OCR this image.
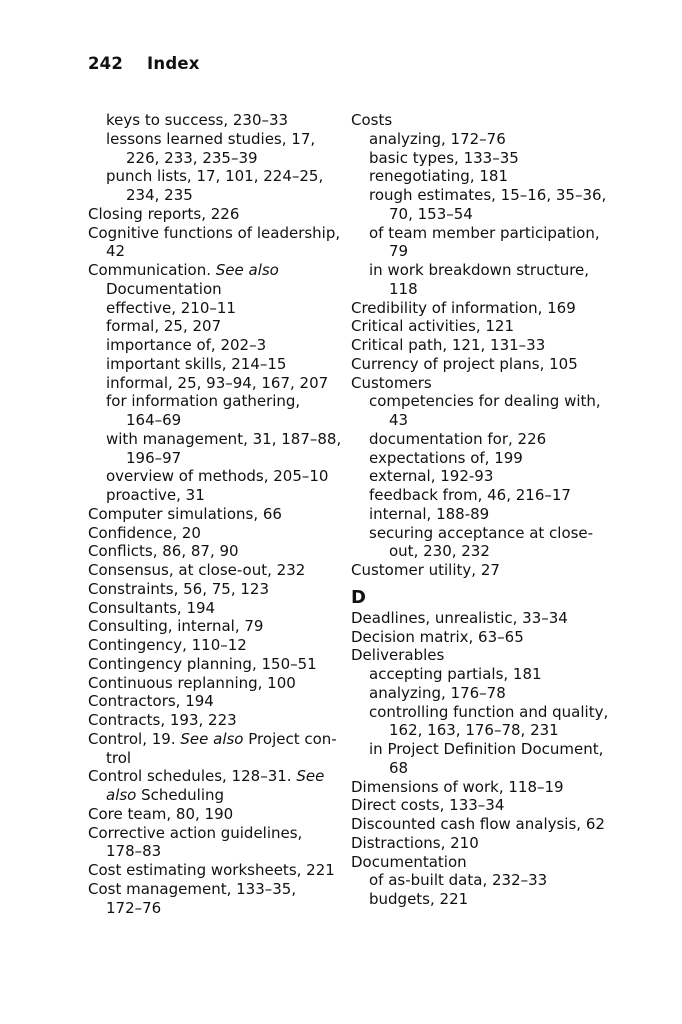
242 Index
keys to success, 230–33
lessons learned studies, 17,
226, 233, 235–39
punch lists, 17, 101, 224–25,
234, 235
Closing reports, 226
Cognitive functions of leadership,
42
Communication. See also
Documentation
effective, 210–11
formal, 25, 207
importance of, 202–3
important skills, 214–15
informal, 25, 93–94, 167, 207
for information gathering,
164–69
with management, 31, 187–88,
196–97
overview of methods, 205–10
proactive, 31
Computer simulations, 66
Confidence, 20
Conflicts, 86, 87, 90
Consensus, at close-out, 232
Constraints, 56, 75, 123
Consultants, 194
Consulting, internal, 79
Contingency, 110–12
Contingency planning, 150–51
Continuous replanning, 100
Contractors, 194
Contracts, 193, 223
Control, 19. See also Project con-
trol
Control schedules, 128–31. See
also Scheduling
Core team, 80, 190
Corrective action guidelines,
178–83
Cost estimating worksheets, 221
Cost management, 133–35,
172–76
Costs
analyzing, 172–76
basic types, 133–35
renegotiating, 181
rough estimates, 15–16, 35–36,
70, 153–54
of team member participation,
79
in work breakdown structure,
118
Credibility of information, 169
Critical activities, 121
Critical path, 121, 131–33
Currency of project plans, 105
Customers
competencies for dealing with,
43
documentation for, 226
expectations of, 199
external, 192-93
feedback from, 46, 216–17
internal, 188-89
securing acceptance at close-
out, 230, 232
Customer utility, 27
D
Deadlines, unrealistic, 33–34
Decision matrix, 63–65
Deliverables
accepting partials, 181
analyzing, 176–78
controlling function and quality,
162, 163, 176–78, 231
in Project Definition Document,
68
Dimensions of work, 118–19
Direct costs, 133–34
Discounted cash flow analysis, 62
Distractions, 210
Documentation
of as-built data, 232–33
budgets, 221
